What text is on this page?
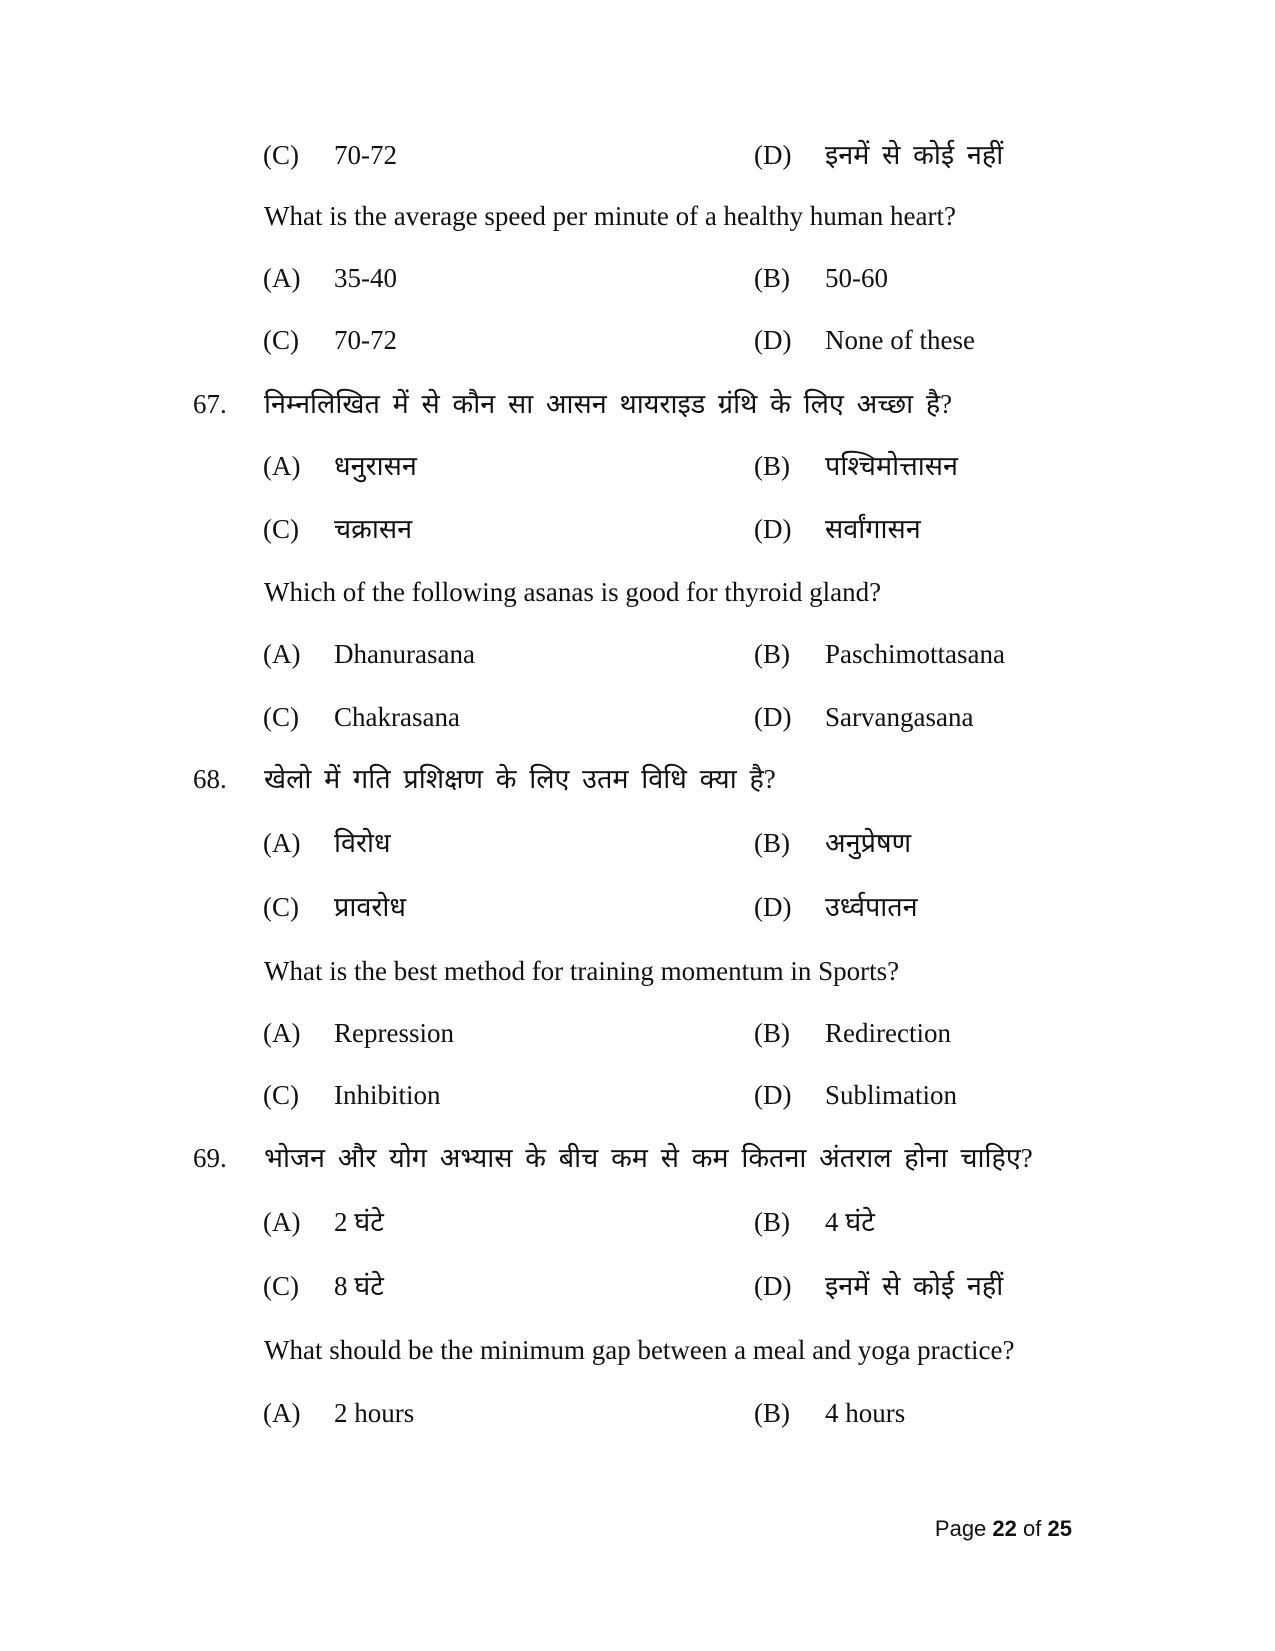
(C) 70-72	(D) इनमें से कोई नहीं
What is the average speed per minute of a healthy human heart?
(A) 35-40	(B) 50-60
(C) 70-72	(D) None of these
67. निम्नलिखित में से कौन सा आसन थायराइड ग्रंथि के लिए अच्छा है?
(A) धनुरासन	(B) पश्चिमोत्तासन
(C) चक्रासन	(D) सर्वांगासन
Which of the following asanas is good for thyroid gland?
(A) Dhanurasana	(B) Paschimottasana
(C) Chakrasana	(D) Sarvangasana
68. खेलो में गति प्रशिक्षण के लिए उतम विधि क्या है?
(A) विरोध	(B) अनुप्रेषण
(C) प्रावरोध	(D) उर्ध्वपातन
What is the best method for training momentum in Sports?
(A) Repression	(B) Redirection
(C) Inhibition	(D) Sublimation
69. भोजन और योग अभ्यास के बीच कम से कम कितना अंतराल होना चाहिए?
(A) 2 घंटे	(B) 4 घंटे
(C) 8 घंटे	(D) इनमें से कोई नहीं
What should be the minimum gap between a meal and yoga practice?
(A) 2 hours	(B) 4 hours
Page 22 of 25
